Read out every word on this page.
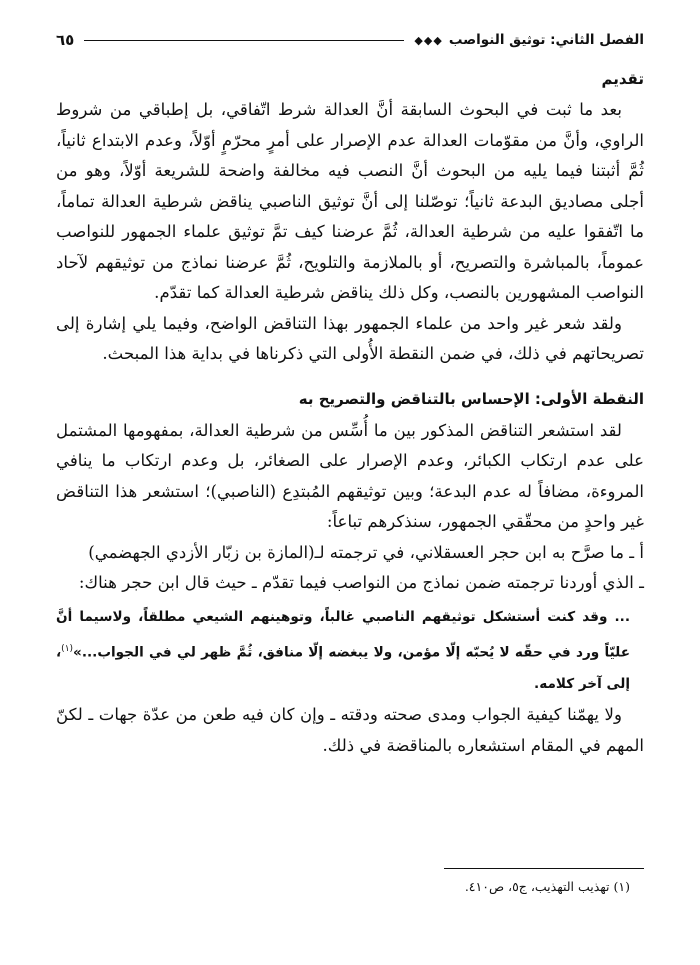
الفصل الثاني: توثيق النواصب
◆◆◆
٦٥
تقديم

بعد ما ثبت في البحوث السابقة أنَّ العدالة شرط اتّفاقي، بل إطباقي من شروط الراوي، وأنَّ من مقوّمات العدالة عدم الإصرار على أمرٍ محرّمٍ أوّلاً، وعدم الابتداع ثانياً، ثُمَّ أثبتنا فيما يليه من البحوث أنَّ النصب فيه مخالفة واضحة للشريعة أوّلاً، وهو من أجلى مصاديق البدعة ثانياً؛ توصّلنا إلى أنَّ توثيق الناصبي يناقض شرطية العدالة تماماً، ما اتّفقوا عليه من شرطية العدالة، ثُمَّ عرضنا كيف تمَّ توثيق علماء الجمهور للنواصب عموماً، بالمباشرة والتصريح، أو بالملازمة والتلويح، ثُمَّ عرضنا نماذج من توثيقهم لآحاد النواصب المشهورين بالنصب، وكل ذلك يناقض شرطية العدالة كما تقدّم.

ولقد شعر غير واحد من علماء الجمهور بهذا التناقض الواضح، وفيما يلي إشارة إلى تصريحاتهم في ذلك، في ضمن النقطة الأُولى التي ذكرناها في بداية هذا المبحث.

النقطة الأولى: الإحساس بالتناقض والتصريح به

لقد استشعر التناقض المذكور بين ما أُسِّس من شرطية العدالة، بمفهومها المشتمل على عدم ارتكاب الكبائر، وعدم الإصرار على الصغائر، بل وعدم ارتكاب ما ينافي المروءة، مضافاً له عدم البدعة؛ وبين توثيقهم المُبتدِع (الناصبي)؛ استشعر هذا التناقض غير واحدٍ من محقّقي الجمهور، سنذكرهم تباعاً:

أ ـ ما صرَّح به ابن حجر العسقلاني، في ترجمته لـ(المازة بن زبّار الأزدي الجهضمي)

ـ الذي أوردنا ترجمته ضمن نماذج من النواصب فيما تقدّم ـ حيث قال ابن حجر هناك:

... وقد كنت أستشكل توثيقهم الناصبي غالباً، وتوهينهم الشيعي مطلقاً، ولاسيما أنَّ عليّاً ورد في حقّه لا يُحبّه إلّا مؤمن، ولا يبغضه إلّا منافق، ثُمَّ ظهر لي في الجواب...»$^{(١)}$، إلى آخر كلامه.

ولا يهمّنا كيفية الجواب ومدى صحته ودقته ـ وإن كان فيه طعن من عدّة جهات ـ لكنّ المهم في المقام استشعاره بالمناقضة في ذلك.

(١) تهذيب التهذيب، ج٥، ص٤١٠.
